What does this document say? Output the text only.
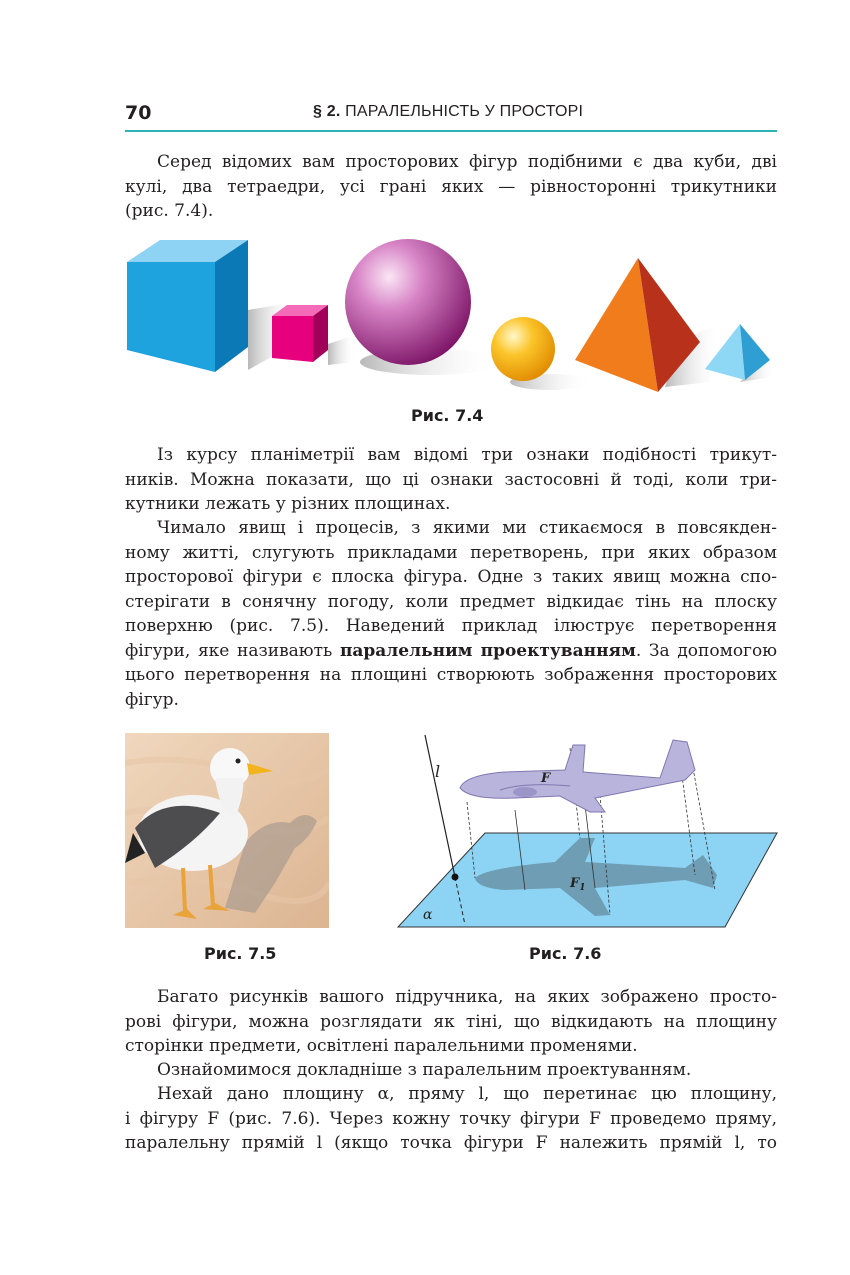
70	§ 2. ПАРАЛЕЛЬНІСТЬ У ПРОСТОРІ
Серед відомих вам просторових фігур подібними є два куби, дві
кулі, два тетраедри, усі грані яких — рівносторонні трикутники
(рис. 7.4).
Рис. 7.4
Із курсу планіметрії вам відомі три ознаки подібності трикут-
ників. Можна показати, що ці ознаки застосовні й тоді, коли три-
кутники лежать у різних площинах.
Чимало явищ і процесів, з якими ми стикаємося в повсякден-
ному житті, слугують прикладами перетворень, при яких образом
просторової фігури є плоска фігура. Одне з таких явищ можна спо-
стерігати в сонячну погоду, коли предмет відкидає тінь на плоску
поверхню (рис. 7.5). Наведений приклад ілюструє перетворення
фігури, яке називають паралельним проектуванням. За допомогою
цього перетворення на площині створюють зображення просторових
фігур.
Рис. 7.5
l	F
$F_1$
α
Рис. 7.6
Багато рисунків вашого підручника, на яких зображено просто-
рові фігури, можна розглядати як тіні, що відкидають на площину
сторінки предмети, освітлені паралельними променями.
Ознайомимося докладніше з паралельним проектуванням.
Нехай дано площину α, пряму l, що перетинає цю площину,
і фігуру F (рис. 7.6). Через кожну точку фігури F проведемо пряму,
паралельну прямій l (якщо точка фігури F належить прямій l, то
